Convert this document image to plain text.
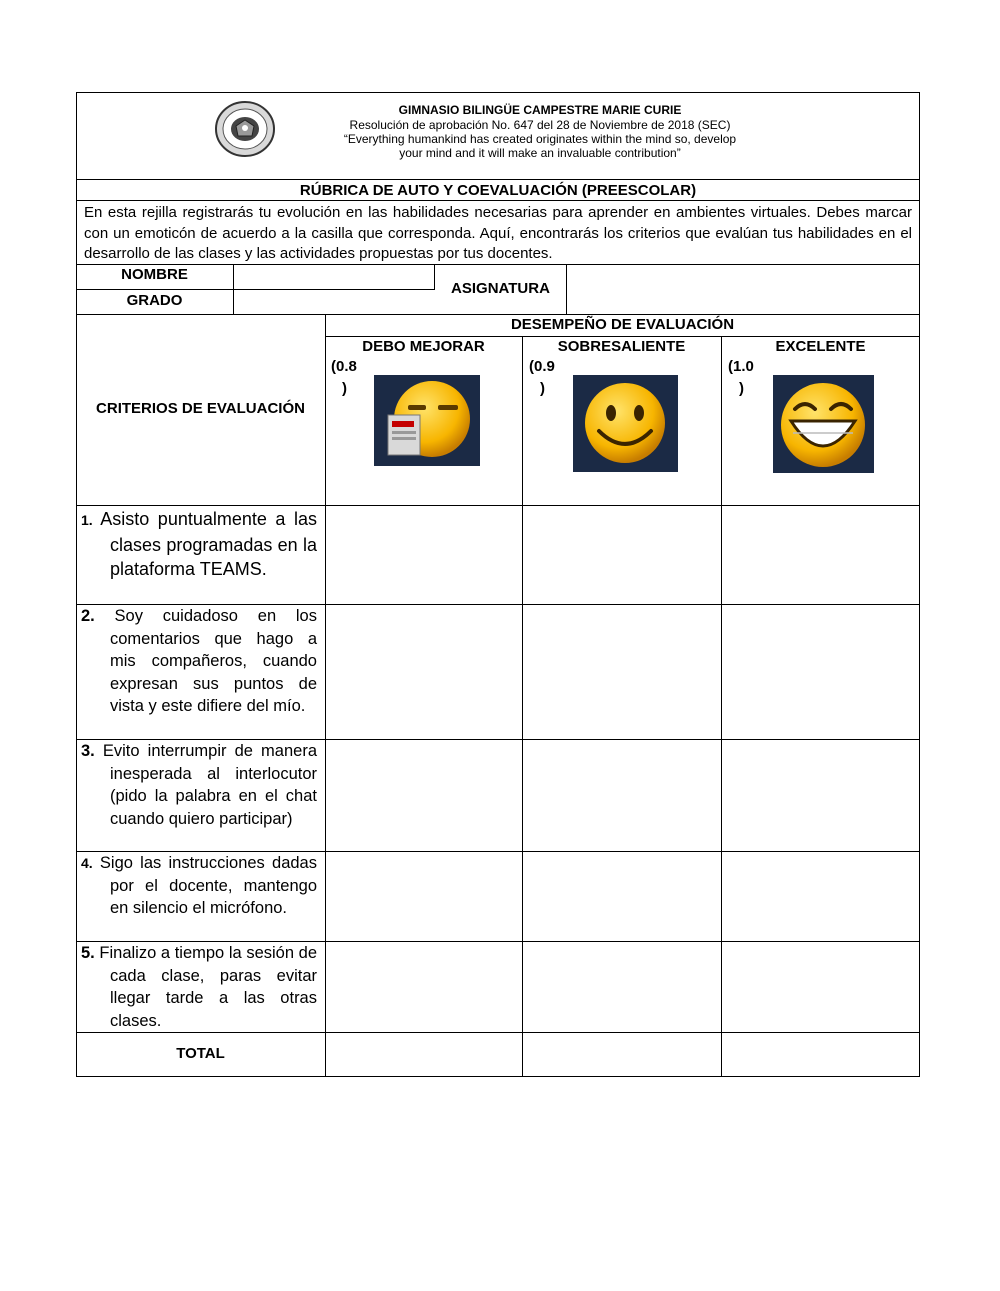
GIMNASIO BILINGÜE CAMPESTRE MARIE CURIE
Resolución de aprobación No. 647 del 28 de Noviembre de 2018 (SEC)
“Everything humankind has created originates within the mind so, develop
your mind and it will make an invaluable contribution”
RÚBRICA DE AUTO Y COEVALUACIÓN (PREESCOLAR)
En esta rejilla registrarás tu evolución en las habilidades necesarias para aprender en ambientes virtuales. Debes marcar con un emoticón de acuerdo a la casilla que corresponda. Aquí, encontrarás los criterios que evalúan tus habilidades en el desarrollo de las clases y las actividades propuestas por tus docentes.
NOMBRE
GRADO
ASIGNATURA
CRITERIOS DE EVALUACIÓN
DESEMPEÑO DE EVALUACIÓN
DEBO MEJORAR
(0.8
)
SOBRESALIENTE
(0.9
)
EXCELENTE
(1.0
)
1. Asisto puntualmente a las clases programadas en la plataforma TEAMS.
2. Soy cuidadoso en los comentarios que hago a mis compañeros, cuando expresan sus puntos de vista y este difiere del mío.
3. Evito interrumpir de manera inesperada al interlocutor (pido la palabra en el chat cuando quiero participar)
4. Sigo las instrucciones dadas por el docente, mantengo en silencio el micrófono.
5. Finalizo a tiempo la sesión de cada clase, paras evitar llegar tarde a las otras clases.
TOTAL
